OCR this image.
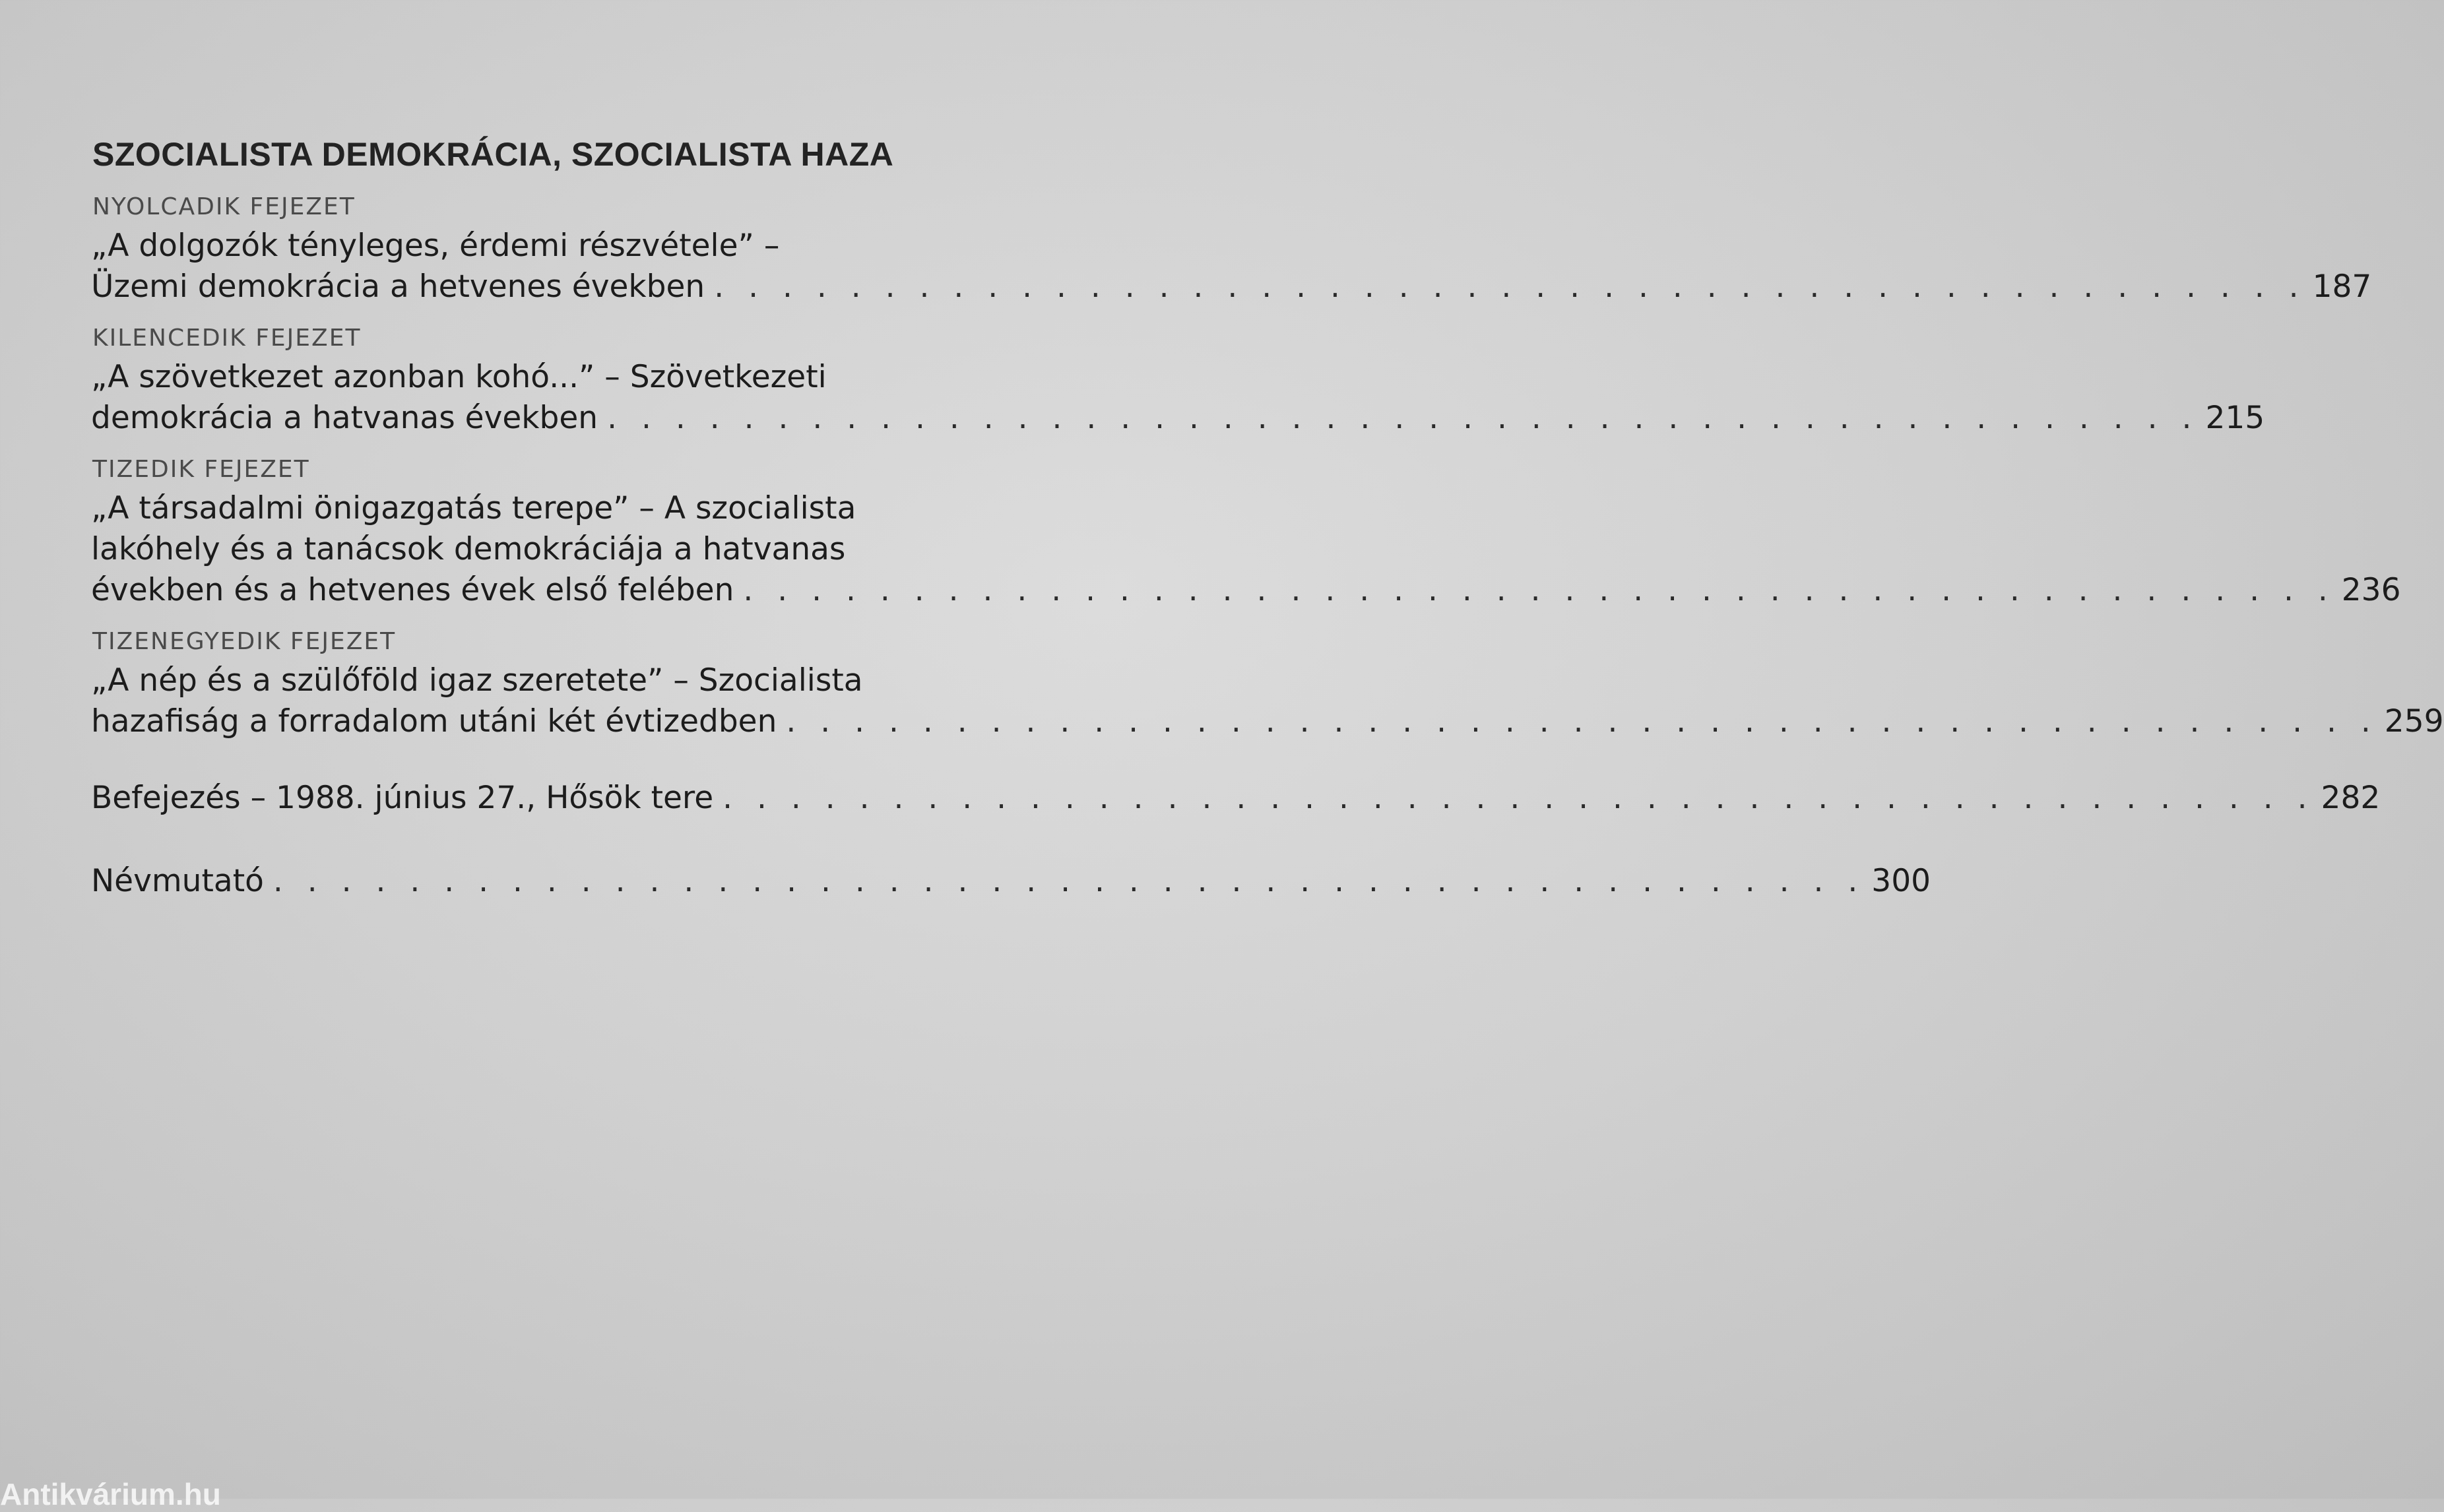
SZOCIALISTA DEMOKRÁCIA, SZOCIALISTA HAZA
NYOLCADIK FEJEZET
„A dolgozók tényleges, érdemi részvétele” –
Üzemi demokrácia a hetvenes években . . . . . . . . . . . . . . . . . . . . . . . . . . . . . . . . . . . . . . . . . . . . . . . 187
KILENCEDIK FEJEZET
„A szövetkezet azonban kohó...” – Szövetkezeti
demokrácia a hatvanas években . . . . . . . . . . . . . . . . . . . . . . . . . . . . . . . . . . . . . . . . . . . . . . . 215
TIZEDIK FEJEZET
„A társadalmi önigazgatás terepe” – A szocialista
lakóhely és a tanácsok demokráciája a hatvanas
években és a hetvenes évek első felében . . . . . . . . . . . . . . . . . . . . . . . . . . . . . . . . . . . . . . . . . . . . . . . 236
TIZENEGYEDIK FEJEZET
„A nép és a szülőföld igaz szeretete” – Szocialista
hazafiság a forradalom utáni két évtizedben . . . . . . . . . . . . . . . . . . . . . . . . . . . . . . . . . . . . . . . . . . . . . . . 259
Befejezés – 1988. június 27., Hősök tere . . . . . . . . . . . . . . . . . . . . . . . . . . . . . . . . . . . . . . . . . . . . . . . 282
Névmutató . . . . . . . . . . . . . . . . . . . . . . . . . . . . . . . . . . . . . . . . . . . . . . . 300
Antikvárium.hu
